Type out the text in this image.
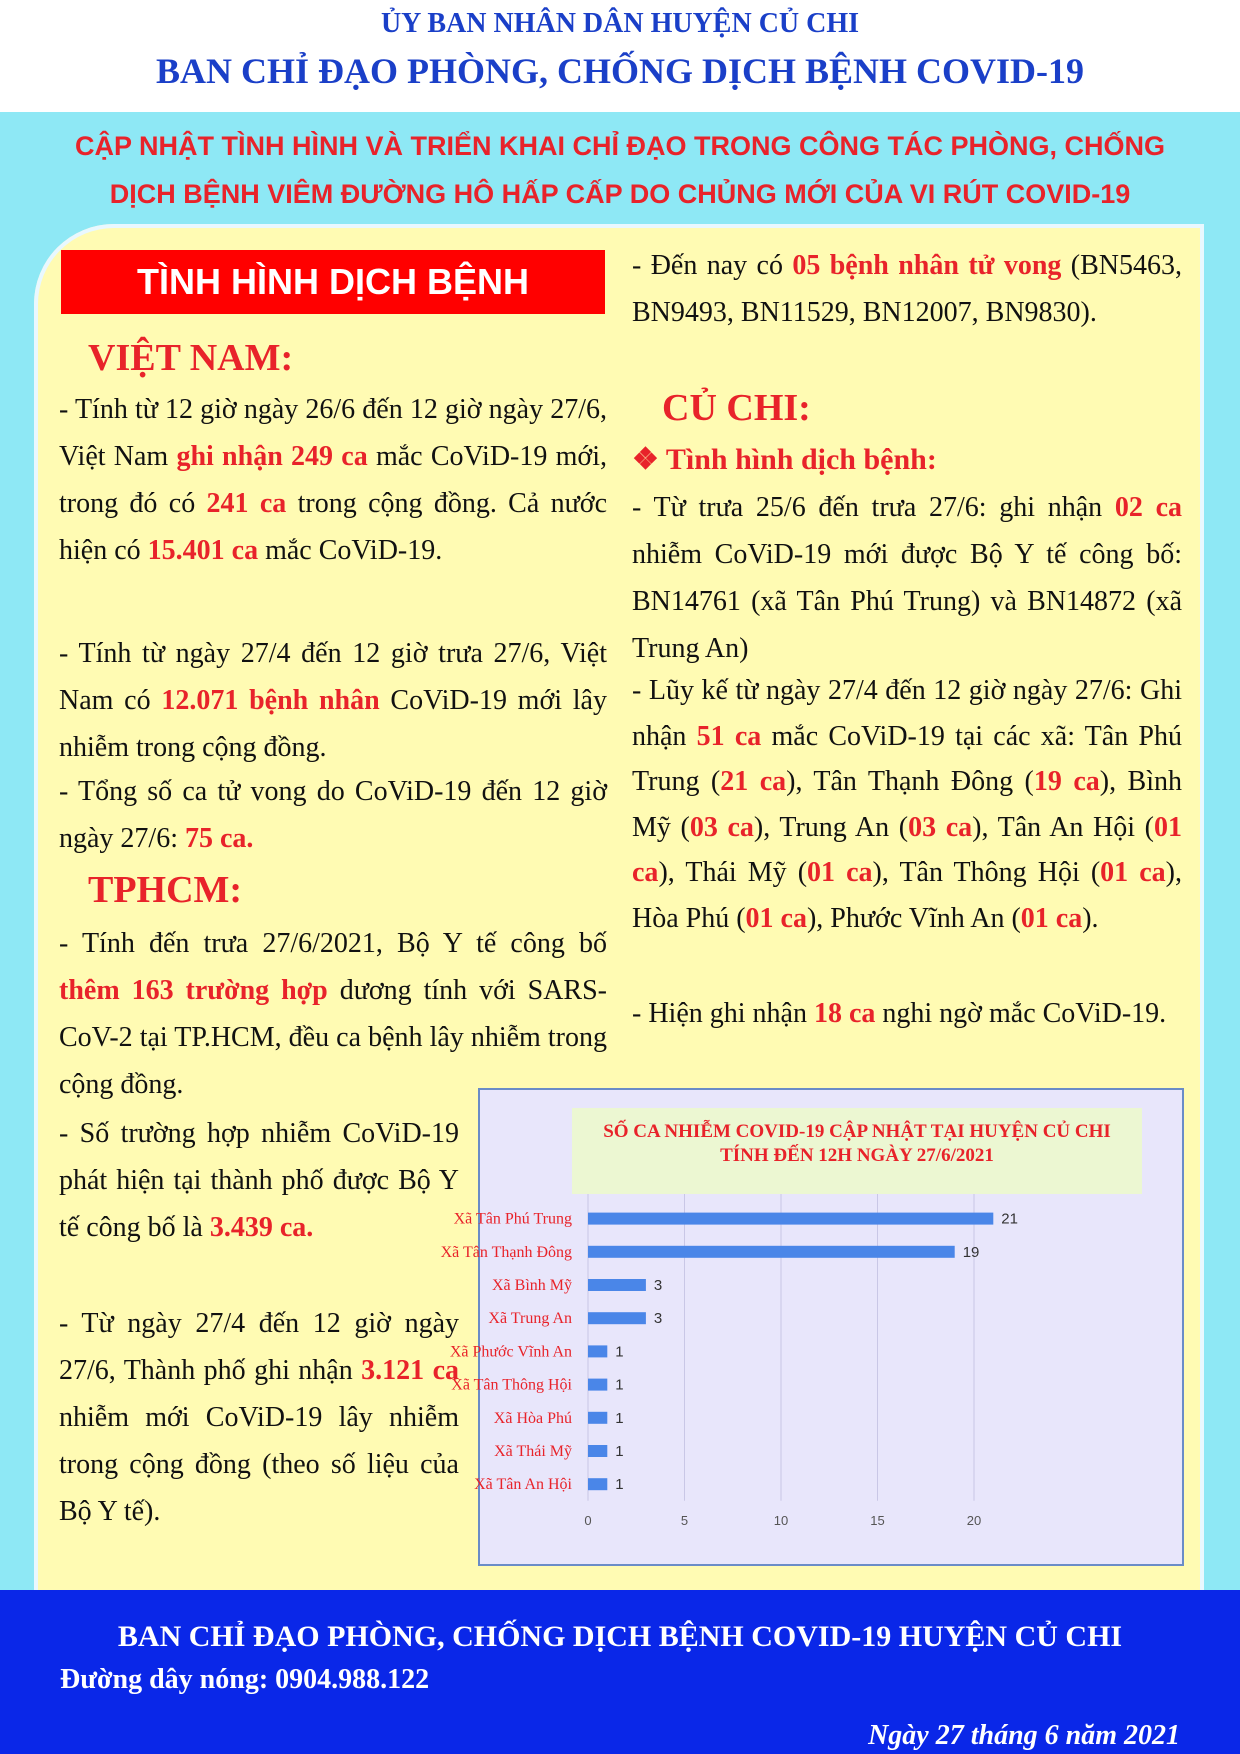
ỦY BAN NHÂN DÂN HUYỆN CỦ CHI
BAN CHỈ ĐẠO PHÒNG, CHỐNG DỊCH BỆNH COVID-19
CẬP NHẬT TÌNH HÌNH VÀ TRIỂN KHAI CHỈ ĐẠO TRONG CÔNG TÁC PHÒNG, CHỐNG
DỊCH BỆNH VIÊM ĐƯỜNG HÔ HẤP CẤP DO CHỦNG MỚI CỦA VI RÚT COVID-19
TÌNH HÌNH DỊCH BỆNH
VIỆT NAM:

- Tính từ 12 giờ ngày 26/6 đến 12 giờ ngày 27/6, Việt Nam ghi nhận 249 ca mắc CoViD-19 mới, trong đó có 241 ca trong cộng đồng. Cả nước hiện có 15.401 ca mắc CoViD-19.

- Tính từ ngày 27/4 đến 12 giờ trưa 27/6, Việt Nam có 12.071 bệnh nhân CoViD-19 mới lây nhiễm trong cộng đồng.

- Tổng số ca tử vong do CoViD-19 đến 12 giờ ngày 27/6: 75 ca.

TPHCM:

- Tính đến trưa 27/6/2021, Bộ Y tế công bố thêm 163 trường hợp dương tính với SARS-CoV-2 tại TP.HCM, đều ca bệnh lây nhiễm trong cộng đồng.

- Số trường hợp nhiễm CoViD-19 phát hiện tại thành phố được Bộ Y tế công bố là 3.439 ca.

- Từ ngày 27/4 đến 12 giờ ngày 27/6, Thành phố ghi nhận 3.121 ca nhiễm mới CoViD-19 lây nhiễm trong cộng đồng (theo số liệu của Bộ Y tế).

- Đến nay có 05 bệnh nhân tử vong (BN5463, BN9493, BN11529, BN12007, BN9830).

CỦ CHI:
❖ Tình hình dịch bệnh:

- Từ trưa 25/6 đến trưa 27/6: ghi nhận 02 ca nhiễm CoViD-19 mới được Bộ Y tế công bố: BN14761 (xã Tân Phú Trung) và BN14872 (xã Trung An)

- Lũy kế từ ngày 27/4 đến 12 giờ ngày 27/6: Ghi nhận 51 ca mắc CoViD-19 tại các xã: Tân Phú Trung (21 ca), Tân Thạnh Đông (19 ca), Bình Mỹ (03 ca), Trung An (03 ca), Tân An Hội (01 ca), Thái Mỹ (01 ca), Tân Thông Hội (01 ca), Hòa Phú (01 ca), Phước Vĩnh An (01 ca).

- Hiện ghi nhận 18 ca nghi ngờ mắc CoViD-19.

SỐ CA NHIỄM COVID-19 CẬP NHẬT TẠI HUYỆN CỦ CHI
TÍNH ĐẾN 12H NGÀY 27/6/2021
0	5	10	15	20
Xã Tân Phú Trung	21
Xã Tân Thạnh Đông	19
Xã Bình Mỹ	3
Xã Trung An	3
Xã Phước Vĩnh An	1
Xã Tân Thông Hội	1
Xã Hòa Phú	1
Xã Thái Mỹ	1
Xã Tân An Hội	1
BAN CHỈ ĐẠO PHÒNG, CHỐNG DỊCH BỆNH COVID-19 HUYỆN CỦ CHI
Đường dây nóng: 0904.988.122
Ngày 27 tháng 6 năm 2021
